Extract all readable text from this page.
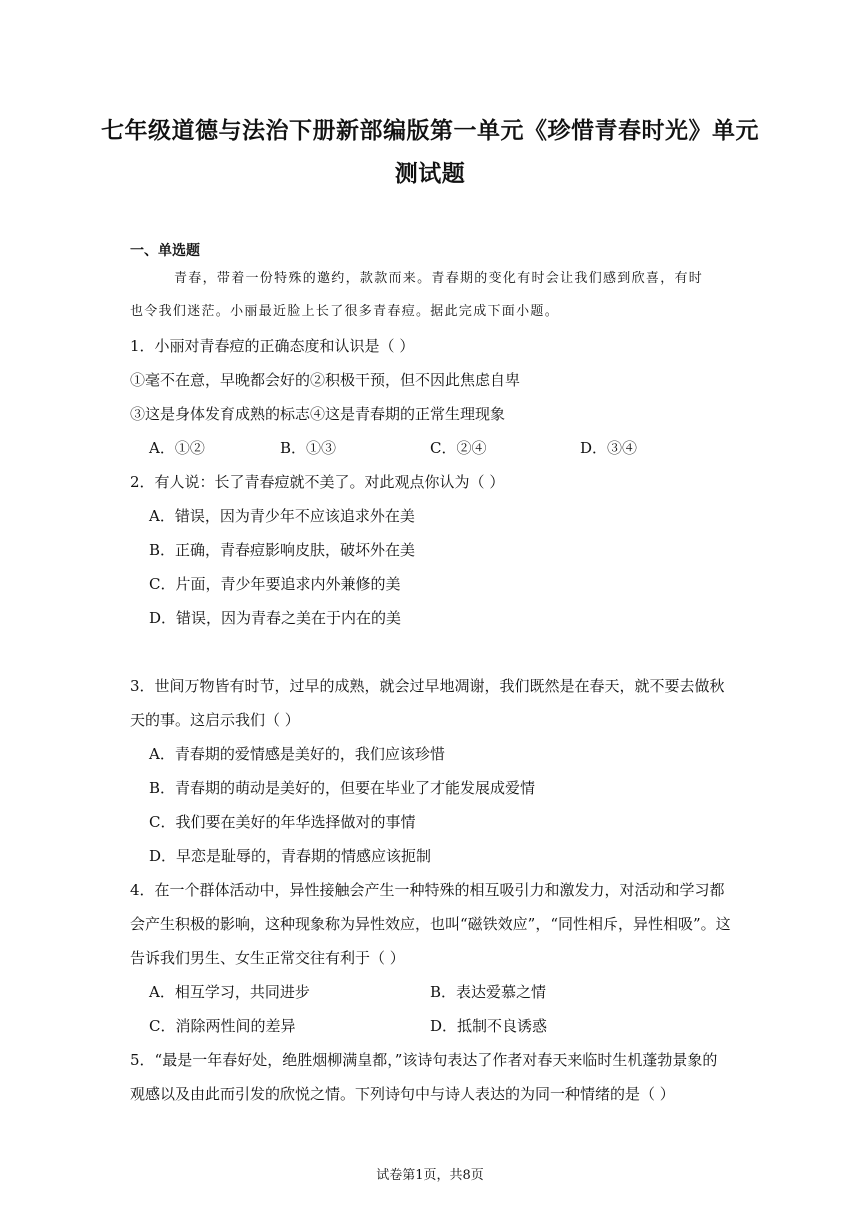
七年级道德与法治下册新部编版第一单元《珍惜青春时光》单元
测试题
一、单选题
青春，带着一份特殊的邀约，款款而来。青春期的变化有时会让我们感到欣喜，有时
也令我们迷茫。小丽最近脸上长了很多青春痘。据此完成下面小题。
1．小丽对青春痘的正确态度和认识是（ ）
①毫不在意，早晚都会好的②积极干预，但不因此焦虑自卑
③这是身体发育成熟的标志④这是青春期的正常生理现象
A．①②	B．①③	C．②④	D．③④
2．有人说：长了青春痘就不美了。对此观点你认为（ ）
A．错误，因为青少年不应该追求外在美
B．正确，青春痘影响皮肤，破坏外在美
C．片面，青少年要追求内外兼修的美
D．错误，因为青春之美在于内在的美
3．世间万物皆有时节，过早的成熟，就会过早地凋谢，我们既然是在春天，就不要去做秋
天的事。这启示我们（ ）
A．青春期的爱情感是美好的，我们应该珍惜
B．青春期的萌动是美好的，但要在毕业了才能发展成爱情
C．我们要在美好的年华选择做对的事情
D．早恋是耻辱的，青春期的情感应该扼制
4．在一个群体活动中，异性接触会产生一种特殊的相互吸引力和激发力，对活动和学习都
会产生积极的影响，这种现象称为异性效应，也叫“磁铁效应”，“同性相斥，异性相吸”。这
告诉我们男生、女生正常交往有利于（ ）
A．相互学习，共同进步	B．表达爱慕之情
C．消除两性间的差异	D．抵制不良诱惑
5．“最是一年春好处，绝胜烟柳满皇都，”该诗句表达了作者对春天来临时生机蓬勃景象的
观感以及由此而引发的欣悦之情。下列诗句中与诗人表达的为同一种情绪的是（ ）
试卷第1页，共8页
